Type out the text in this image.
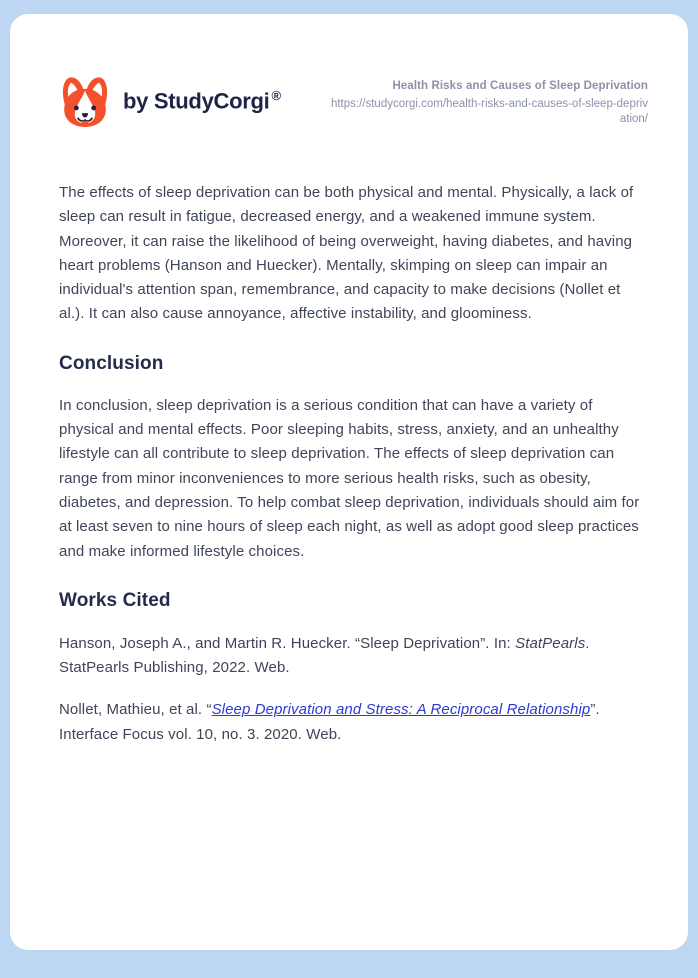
by StudyCorgi ®
Health Risks and Causes of Sleep Deprivation
https://studycorgi.com/health-risks-and-causes-of-sleep-deprivation/

The effects of sleep deprivation can be both physical and mental. Physically, a lack of sleep can result in fatigue, decreased energy, and a weakened immune system. Moreover, it can raise the likelihood of being overweight, having diabetes, and having heart problems (Hanson and Huecker). Mentally, skimping on sleep can impair an individual's attention span, remembrance, and capacity to make decisions (Nollet et al.). It can also cause annoyance, affective instability, and gloominess.

Conclusion

In conclusion, sleep deprivation is a serious condition that can have a variety of physical and mental effects. Poor sleeping habits, stress, anxiety, and an unhealthy lifestyle can all contribute to sleep deprivation. The effects of sleep deprivation can range from minor inconveniences to more serious health risks, such as obesity, diabetes, and depression. To help combat sleep deprivation, individuals should aim for at least seven to nine hours of sleep each night, as well as adopt good sleep practices and make informed lifestyle choices.

Works Cited

Hanson, Joseph A., and Martin R. Huecker. “Sleep Deprivation”. In: StatPearls. StatPearls Publishing, 2022. Web.

Nollet, Mathieu, et al. “Sleep Deprivation and Stress: A Reciprocal Relationship”. Interface Focus vol. 10, no. 3. 2020. Web.
